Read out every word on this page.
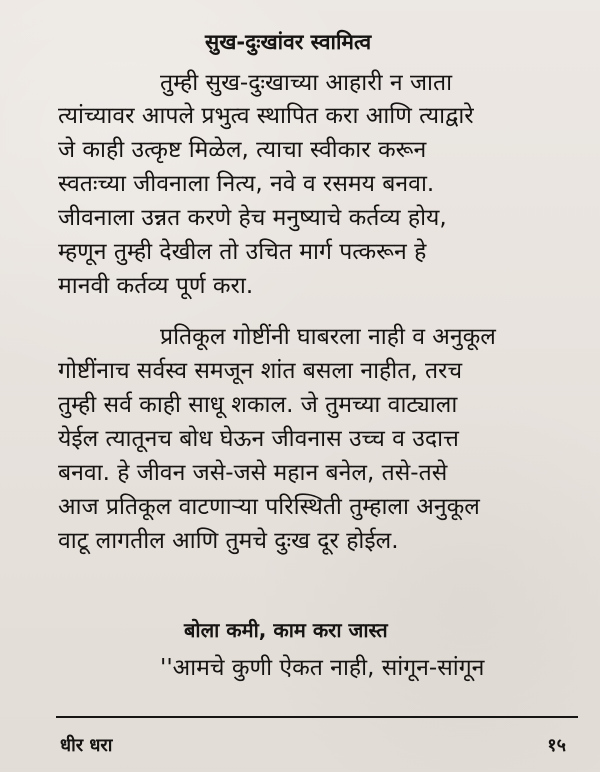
सुख-दुःखांवर स्वामित्व
तुम्ही सुख-दुःखाच्या आहारी न जाता
त्यांच्यावर आपले प्रभुत्व स्थापित करा आणि त्याद्वारे
जे काही उत्कृष्ट मिळेल, त्याचा स्वीकार करून
स्वतःच्या जीवनाला नित्य, नवे व रसमय बनवा.
जीवनाला उन्नत करणे हेच मनुष्याचे कर्तव्य होय,
म्हणून तुम्ही देखील तो उचित मार्ग पत्करून हे
मानवी कर्तव्य पूर्ण करा.
प्रतिकूल गोष्टींनी घाबरला नाही व अनुकूल
गोष्टींनाच सर्वस्व समजून शांत बसला नाहीत, तरच
तुम्ही सर्व काही साधू शकाल. जे तुमच्या वाट्याला
येईल त्यातूनच बोध घेऊन जीवनास उच्च व उदात्त
बनवा. हे जीवन जसे-जसे महान बनेल, तसे-तसे
आज प्रतिकूल वाटणाऱ्या परिस्थिती तुम्हाला अनुकूल
वाटू लागतील आणि तुमचे दुःख दूर होईल.
बोला कमी, काम करा जास्त
''आमचे कुणी ऐकत नाही, सांगून-सांगून
धीर धरा	१५
